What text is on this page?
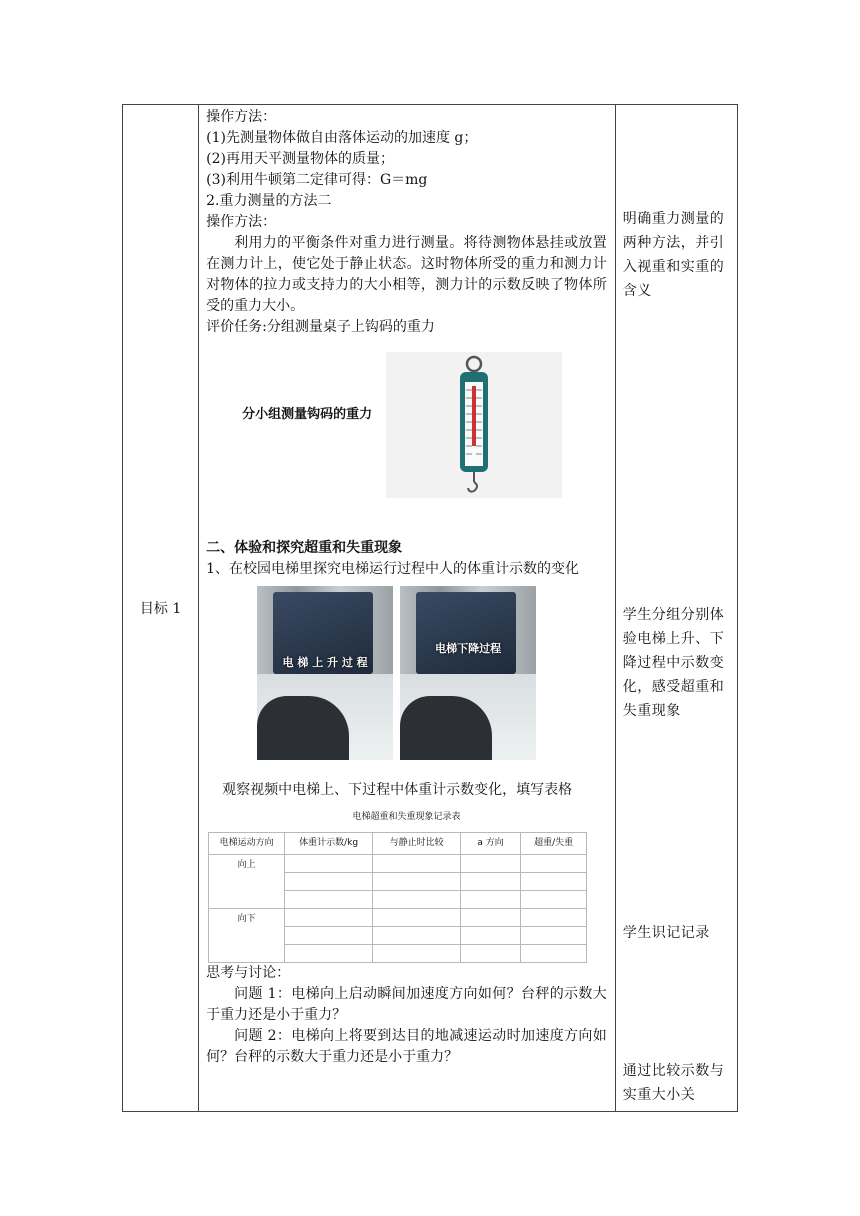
目标 1	

操作方法：

(1)先测量物体做自由落体运动的加速度 g；

(2)再用天平测量物体的质量；

(3)利用牛顿第二定律可得：G＝mg

2.重力测量的方法二

操作方法：

利用力的平衡条件对重力进行测量。将待测物体悬挂或放置在测力计上，使它处于静止状态。这时物体所受的重力和测力计对物体的拉力或支持力的大小相等，测力计的示数反映了物体所受的重力大小。

评价任务:分组测量桌子上钩码的重力

分小组测量钩码的重力

二、体验和探究超重和失重现象

1、在校园电梯里探究电梯运行过程中人的体重计示数的变化

电 梯 上 升 过 程
电梯下降过程

观察视频中电梯上、下过程中体重计示数变化，填写表格

电梯超重和失重现象记录表
电梯运动方向	体重计示数/kg	与静止时比较	a 方向	超重/失重
向上				

向下				

思考与讨论：

问题 1：电梯向上启动瞬间加速度方向如何？台秤的示数大于重力还是小于重力？

问题 2：电梯向上将要到达目的地减速运动时加速度方向如何？台秤的示数大于重力还是小于重力？

明确重力测量的两种方法，并引入视重和实重的含义
学生分组分别体验电梯上升、下降过程中示数变化，感受超重和失重现象
学生识记记录
通过比较示数与实重大小关
